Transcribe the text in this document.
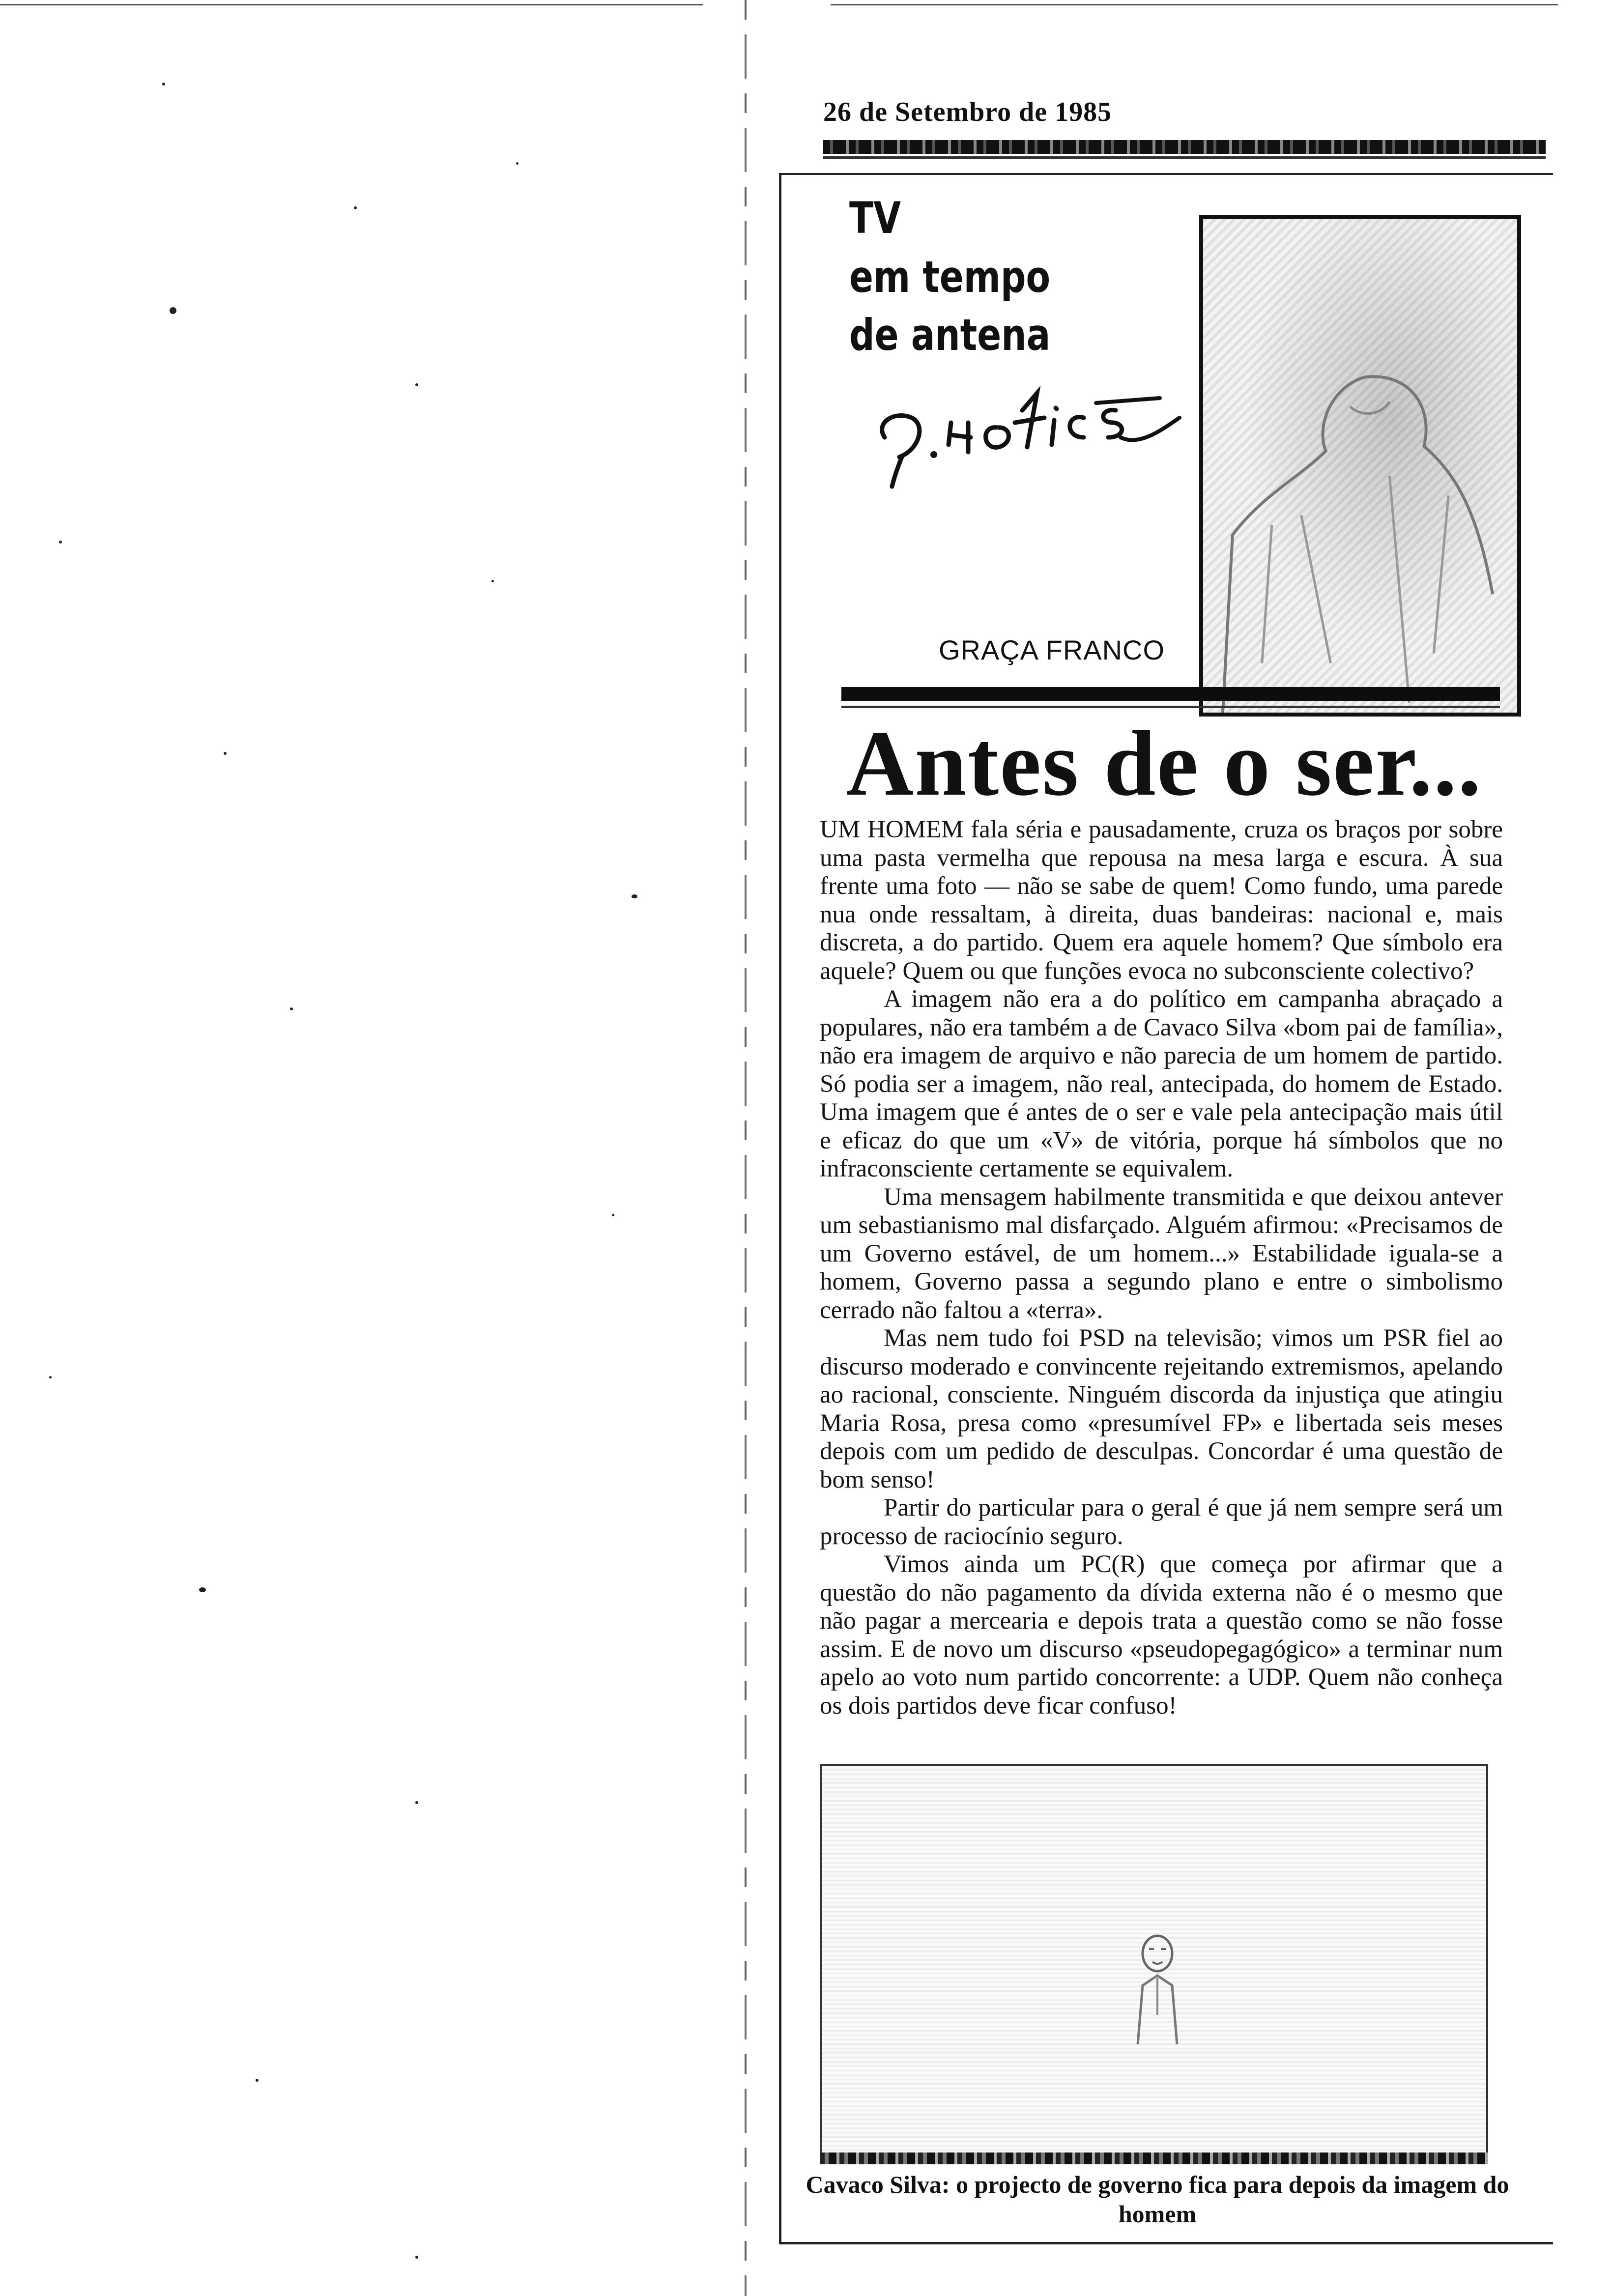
26 de Setembro de 1985
TV
em tempo
de antena
GRAÇA FRANCO
Antes de o ser...

UM HOMEM fala séria e pausadamente, cruza os braços por sobre uma pasta vermelha que repousa na mesa larga e escura. À sua frente uma foto — não se sabe de quem! Como fundo, uma parede nua onde ressaltam, à direita, duas bandeiras: nacional e, mais discreta, a do partido. Quem era aquele homem? Que símbolo era aquele? Quem ou que funções evoca no subconsciente colectivo?

A imagem não era a do político em campanha abraçado a populares, não era também a de Cavaco Silva «bom pai de família», não era imagem de arquivo e não parecia de um homem de partido. Só podia ser a imagem, não real, antecipada, do homem de Estado. Uma imagem que é antes de o ser e vale pela antecipação mais útil e eficaz do que um «V» de vitória, porque há símbolos que no infraconsciente certamente se equivalem.

Uma mensagem habilmente transmitida e que deixou antever um sebastianismo mal disfarçado. Alguém afirmou: «Precisamos de um Governo estável, de um homem...» Estabilidade iguala-se a homem, Governo passa a segundo plano e entre o simbolismo cerrado não faltou a «terra».

Mas nem tudo foi PSD na televisão; vimos um PSR fiel ao discurso moderado e convincente rejeitando extremismos, apelando ao racional, consciente. Ninguém discorda da injustiça que atingiu Maria Rosa, presa como «presumível FP» e libertada seis meses depois com um pedido de desculpas. Concordar é uma questão de bom senso!

Partir do particular para o geral é que já nem sempre será um processo de raciocínio seguro.

Vimos ainda um PC(R) que começa por afirmar que a questão do não pagamento da dívida externa não é o mesmo que não pagar a mercearia e depois trata a questão como se não fosse assim. E de novo um discurso «pseudopegagógico» a terminar num apelo ao voto num partido concorrente: a UDP. Quem não conheça os dois partidos deve ficar confuso!

Cavaco Silva: o projecto de governo fica para depois da imagem do homem
